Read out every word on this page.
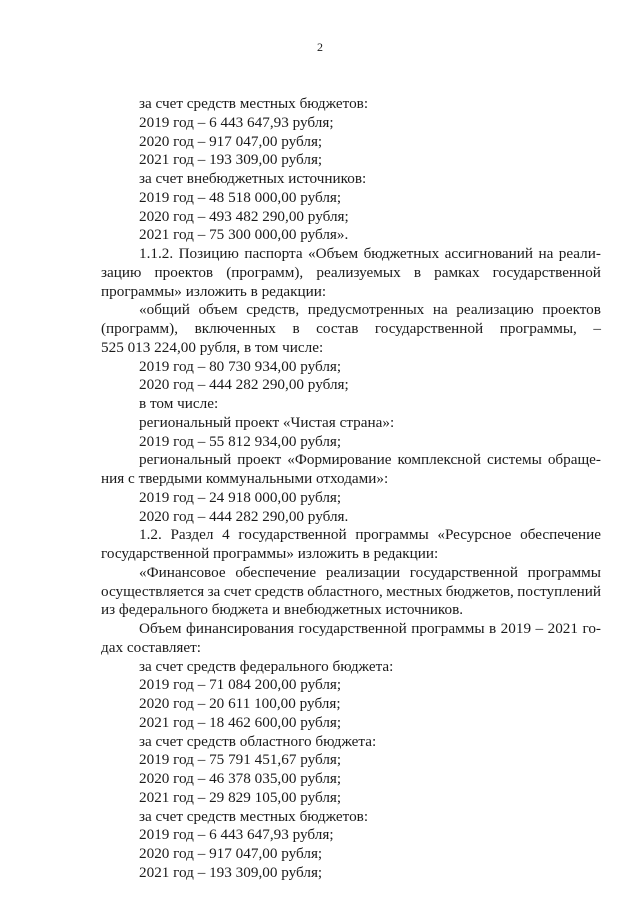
2
за счет средств местных бюджетов:
2019 год – 6 443 647,93 рубля;
2020 год – 917 047,00 рубля;
2021 год – 193 309,00 рубля;
за счет внебюджетных источников:
2019 год – 48 518 000,00 рубля;
2020 год – 493 482 290,00 рубля;
2021 год – 75 300 000,00 рубля».
1.1.2. Позицию паспорта «Объем бюджетных ассигнований на реали-
зацию проектов (программ), реализуемых в рамках государственной
программы» изложить в редакции:
«общий объем средств, предусмотренных на реализацию проектов
(программ), включенных в состав государственной программы, –
525 013 224,00 рубля, в том числе:
2019 год – 80 730 934,00 рубля;
2020 год – 444 282 290,00 рубля;
в том числе:
региональный проект «Чистая страна»:
2019 год – 55 812 934,00 рубля;
региональный проект «Формирование комплексной системы обраще-
ния с твердыми коммунальными отходами»:
2019 год – 24 918 000,00 рубля;
2020 год – 444 282 290,00 рубля.
1.2. Раздел 4 государственной программы «Ресурсное обеспечение
государственной программы» изложить в редакции:
«Финансовое обеспечение реализации государственной программы
осуществляется за счет средств областного, местных бюджетов, поступлений
из федерального бюджета и внебюджетных источников.
Объем финансирования государственной программы в 2019 – 2021 го-
дах составляет:
за счет средств федерального бюджета:
2019 год – 71 084 200,00 рубля;
2020 год – 20 611 100,00 рубля;
2021 год – 18 462 600,00 рубля;
за счет средств областного бюджета:
2019 год – 75 791 451,67 рубля;
2020 год – 46 378 035,00 рубля;
2021 год – 29 829 105,00 рубля;
за счет средств местных бюджетов:
2019 год – 6 443 647,93 рубля;
2020 год – 917 047,00 рубля;
2021 год – 193 309,00 рубля;
